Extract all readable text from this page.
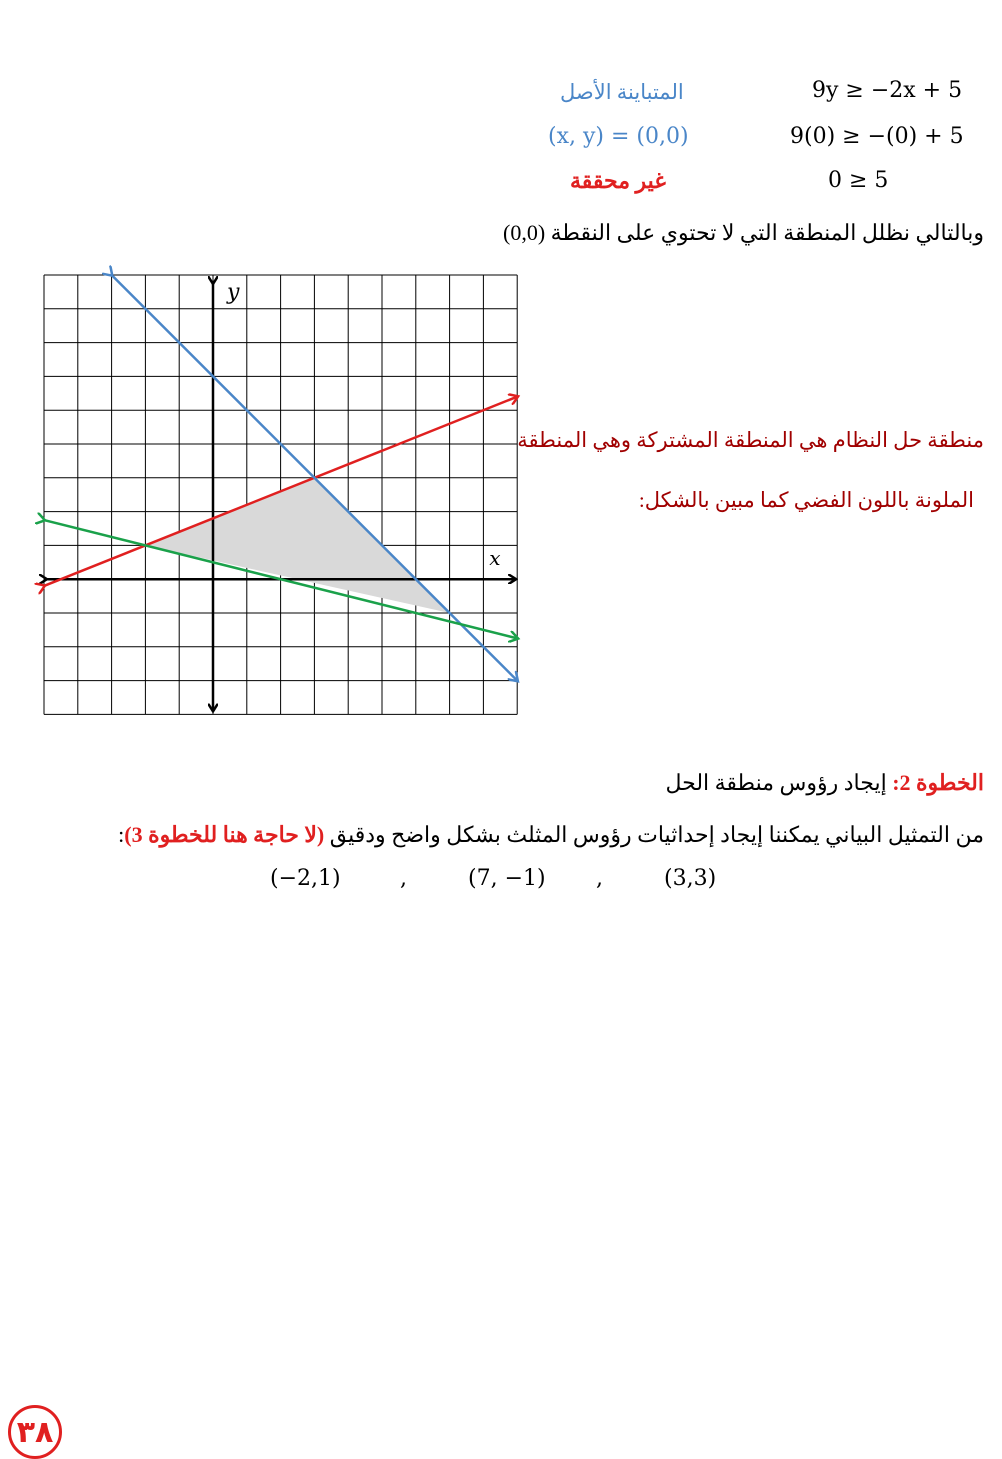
المتباينة الأصل	9y ≥ −2x + 5
(x, y) = (0,0)	9(0) ≥ −(0) + 5
غير محققة	0 ≥ 5
وبالتالي نظلل المنطقة التي لا تحتوي على النقطة (0,0)
x
y
منطقة حل النظام هي المنطقة المشتركة وهي المنطقة
الملونة باللون الفضي كما مبين بالشكل:
الخطوة 2: إيجاد رؤوس منطقة الحل
من التمثيل البياني يمكننا إيجاد إحداثيات رؤوس المثلث بشكل واضح ودقيق (لا حاجة هنا للخطوة 3):
(3,3)
,
(7, −1)
,
(−2,1)
٣٨
